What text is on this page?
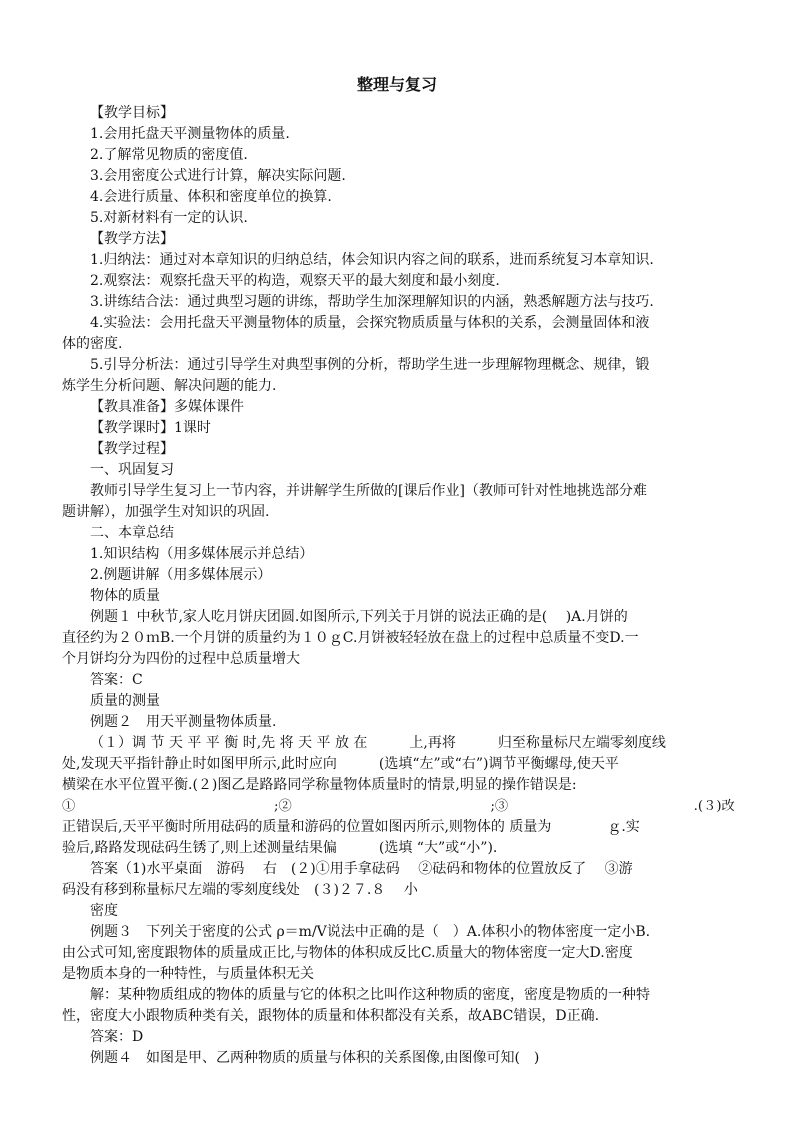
整理与复习
【教学目标】
1.会用托盘天平测量物体的质量.
2.了解常见物质的密度值.
3.会用密度公式进行计算，解决实际问题.
4.会进行质量、体积和密度单位的换算.
5.对新材料有一定的认识.
【教学方法】
1.归纳法：通过对本章知识的归纳总结，体会知识内容之间的联系，进而系统复习本章知识.
2.观察法：观察托盘天平的构造，观察天平的最大刻度和最小刻度.
3.讲练结合法：通过典型习题的讲练，帮助学生加深理解知识的内涵，熟悉解题方法与技巧.
4.实验法：会用托盘天平测量物体的质量，会探究物质质量与体积的关系，会测量固体和液
体的密度.
5.引导分析法：通过引导学生对典型事例的分析，帮助学生进一步理解物理概念、规律，锻
炼学生分析问题、解决问题的能力.
【教具准备】多媒体课件
【教学课时】1课时
【教学过程】
一、巩固复习
教师引导学生复习上一节内容，并讲解学生所做的[课后作业]（教师可针对性地挑选部分难
题讲解），加强学生对知识的巩固.
二、本章总结
1.知识结构（用多媒体展示并总结）
2.例题讲解（用多媒体展示）
物体的质量
例题１ 中秋节,家人吃月饼庆团圆.如图所示,下列关于月饼的说法正确的是(　 )A.月饼的
直径约为２０ｍB.一个月饼的质量约为１０ｇC.月饼被轻轻放在盘上的过程中总质量不变D.一
个月饼均分为四份的过程中总质量增大
答案：C
质量的测量
例题２　用天平测量物体质量.
（１）调 节 天 平 平 衡 时,先 将 天 平 放 在　　　上,再将　　　归至称量标尺左端零刻度线
处,发现天平指针静止时如图甲所示,此时应向　　　(选填“左”或“右”)调节平衡螺母,使天平
横梁在水平位置平衡.(２)图乙是路路同学称量物体质量时的情景,明显的操作错误是:
①　　　　　　　　　　　　　　　;②　　　　　　　　　　　　　　　;③　　　　　　　　　　　　　　.(３)改
正错误后,天平平衡时所用砝码的质量和游码的位置如图丙所示,则物体的 质量为　　　　ｇ.实
验后,路路发现砝码生锈了,则上述测量结果偏　　　(选填 “大”或“小”).
答案（1)水平桌面　游码　 右　(２)①用手拿砝码　 ②砝码和物体的位置放反了　 ③游
码没有移到称量标尺左端的零刻度线处　(３)２７.８　 小
密度
例题３　下列关于密度的公式 ρ＝m/V说法中正确的是（　）A.体积小的物体密度一定小B.
由公式可知,密度跟物体的质量成正比,与物体的体积成反比C.质量大的物体密度一定大D.密度
是物质本身的一种特性，与质量体积无关
解：某种物质组成的物体的质量与它的体积之比叫作这种物质的密度，密度是物质的一种特
性，密度大小跟物质种类有关，跟物体的质量和体积都没有关系，故ABC错误，D正确.
答案：D
例题４　如图是甲、乙两种物质的质量与体积的关系图像,由图像可知(　)
